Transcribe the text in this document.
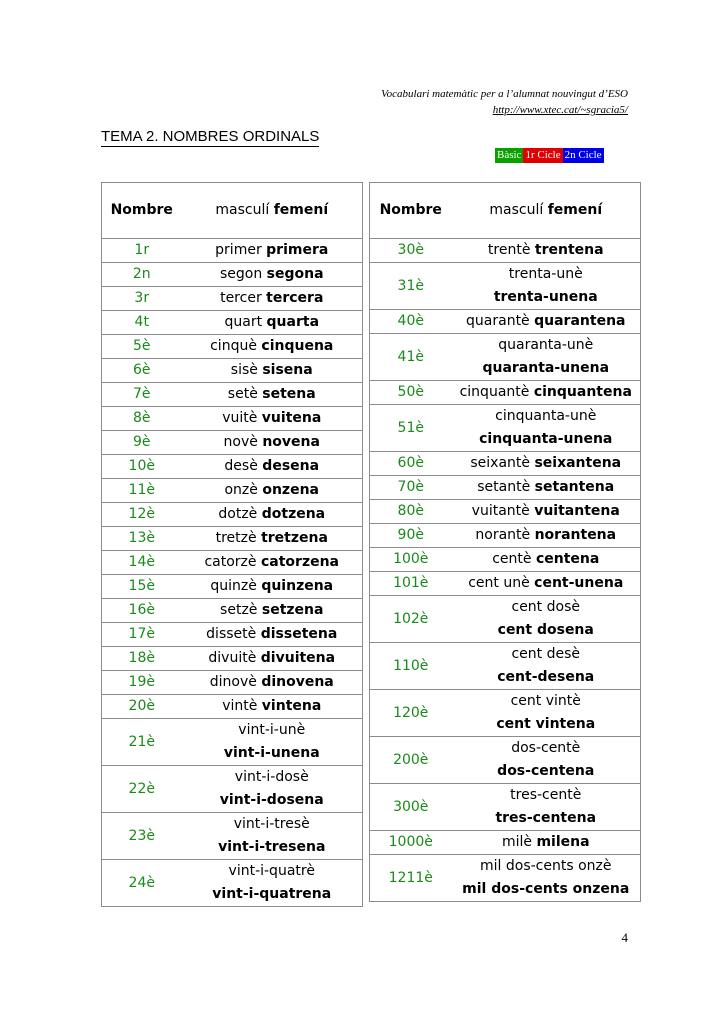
Vocabulari matemàtic per a l’alumnat nouvingut d’ESO
http://www.xtec.cat/~sgracia5/
TEMA 2. NOMBRES ORDINALS
Bàsic 1r Cicle 2n Cicle
Nombre	masculí femení
1r	primer primera
2n	segon segona
3r	tercer tercera
4t	quart quarta
5è	cinquè cinquena
6è	sisè sisena
7è	setè setena
8è	vuitè vuitena
9è	novè novena
10è	desè desena
11è	onzè onzena
12è	dotzè dotzena
13è	tretzè tretzena
14è	catorzè catorzena
15è	quinzè quinzena
16è	setzè setzena
17è	dissetè dissetena
18è	divuitè divuitena
19è	dinovè dinovena
20è	vintè vintena
21è	vint-i-unè
	vint-i-unena
22è	vint-i-dosè
	vint-i-dosena
23è	vint-i-tresè
	vint-i-tresena
24è	vint-i-quatrè
	vint-i-quatrena
Nombre	masculí femení
30è	trentè trentena
31è	trenta-unè
	trenta-unena
40è	quarantè quarantena
41è	quaranta-unè
	quaranta-unena
50è	cinquantè cinquantena
51è	cinquanta-unè
	cinquanta-unena
60è	seixantè seixantena
70è	setantè setantena
80è	vuitantè vuitantena
90è	norantè norantena
100è	centè centena
101è	cent unè cent-unena
102è	cent dosè
	cent dosena
110è	cent desè
	cent-desena
120è	cent vintè
	cent vintena
200è	dos-centè
	dos-centena
300è	tres-centè
	tres-centena
1000è	milè milena
1211è	mil dos-cents onzè
	mil dos-cents onzena
4
